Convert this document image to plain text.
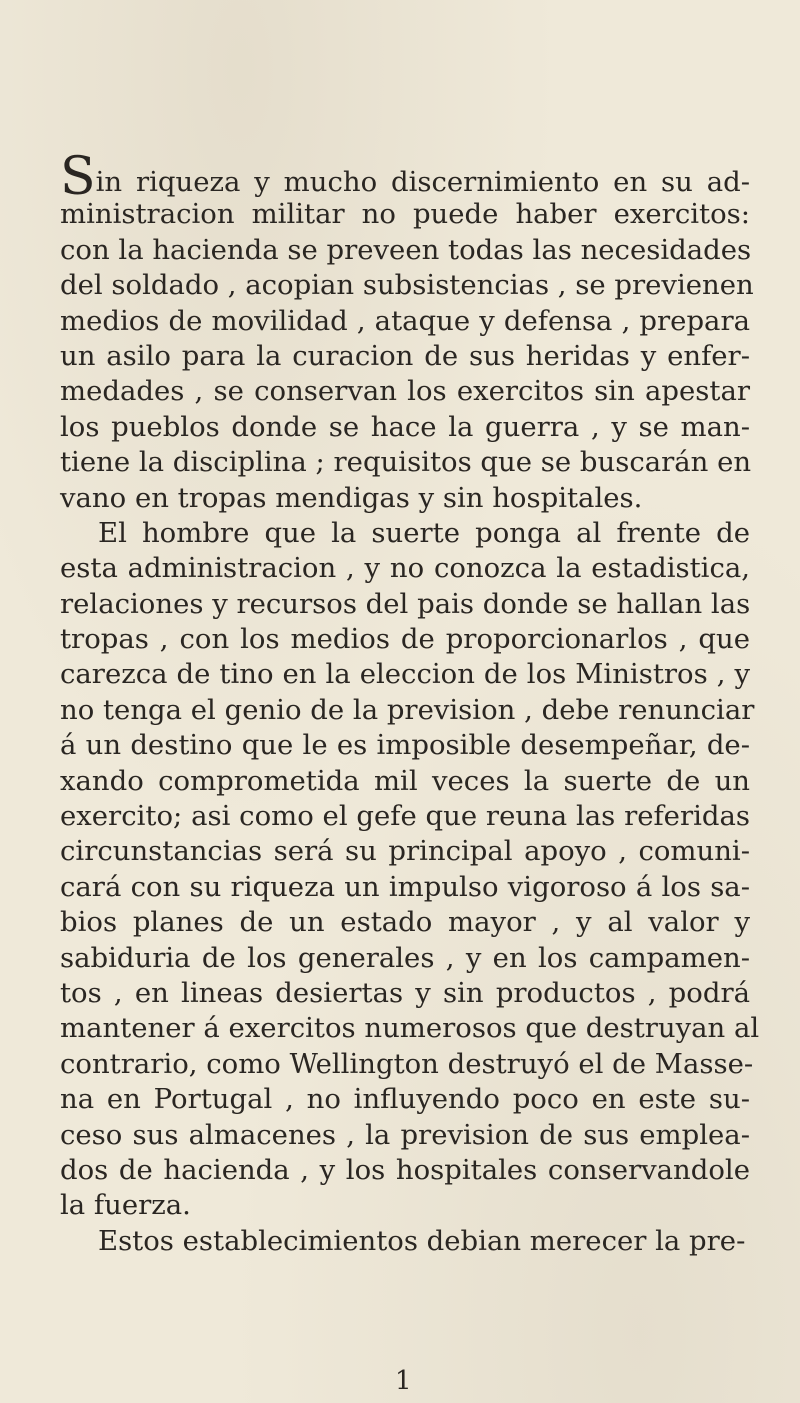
Sin riqueza y mucho discernimiento en su ad-
ministracion militar no puede haber exercitos:
con la hacienda se preveen todas las necesidades
del soldado , acopian subsistencias , se previenen
medios de movilidad , ataque y defensa , prepara
un asilo para la curacion de sus heridas y enfer-
medades , se conservan los exercitos sin apestar
los pueblos donde se hace la guerra , y se man-
tiene la disciplina ; requisitos que se buscarán en
vano en tropas mendigas y sin hospitales.
El hombre que la suerte ponga al frente de
esta administracion , y no conozca la estadistica,
relaciones y recursos del pais donde se hallan las
tropas , con los medios de proporcionarlos , que
carezca de tino en la eleccion de los Ministros , y
no tenga el genio de la prevision , debe renunciar
á un destino que le es imposible desempeñar, de-
xando comprometida mil veces la suerte de un
exercito; asi como el gefe que reuna las referidas
circunstancias será su principal apoyo , comuni-
cará con su riqueza un impulso vigoroso á los sa-
bios planes de un estado mayor , y al valor y
sabiduria de los generales , y en los campamen-
tos , en lineas desiertas y sin productos , podrá
mantener á exercitos numerosos que destruyan al
contrario, como Wellington destruyó el de Masse-
na en Portugal , no influyendo poco en este su-
ceso sus almacenes , la prevision de sus emplea-
dos de hacienda , y los hospitales conservandole
la fuerza.
Estos establecimientos debian merecer la pre-
1
